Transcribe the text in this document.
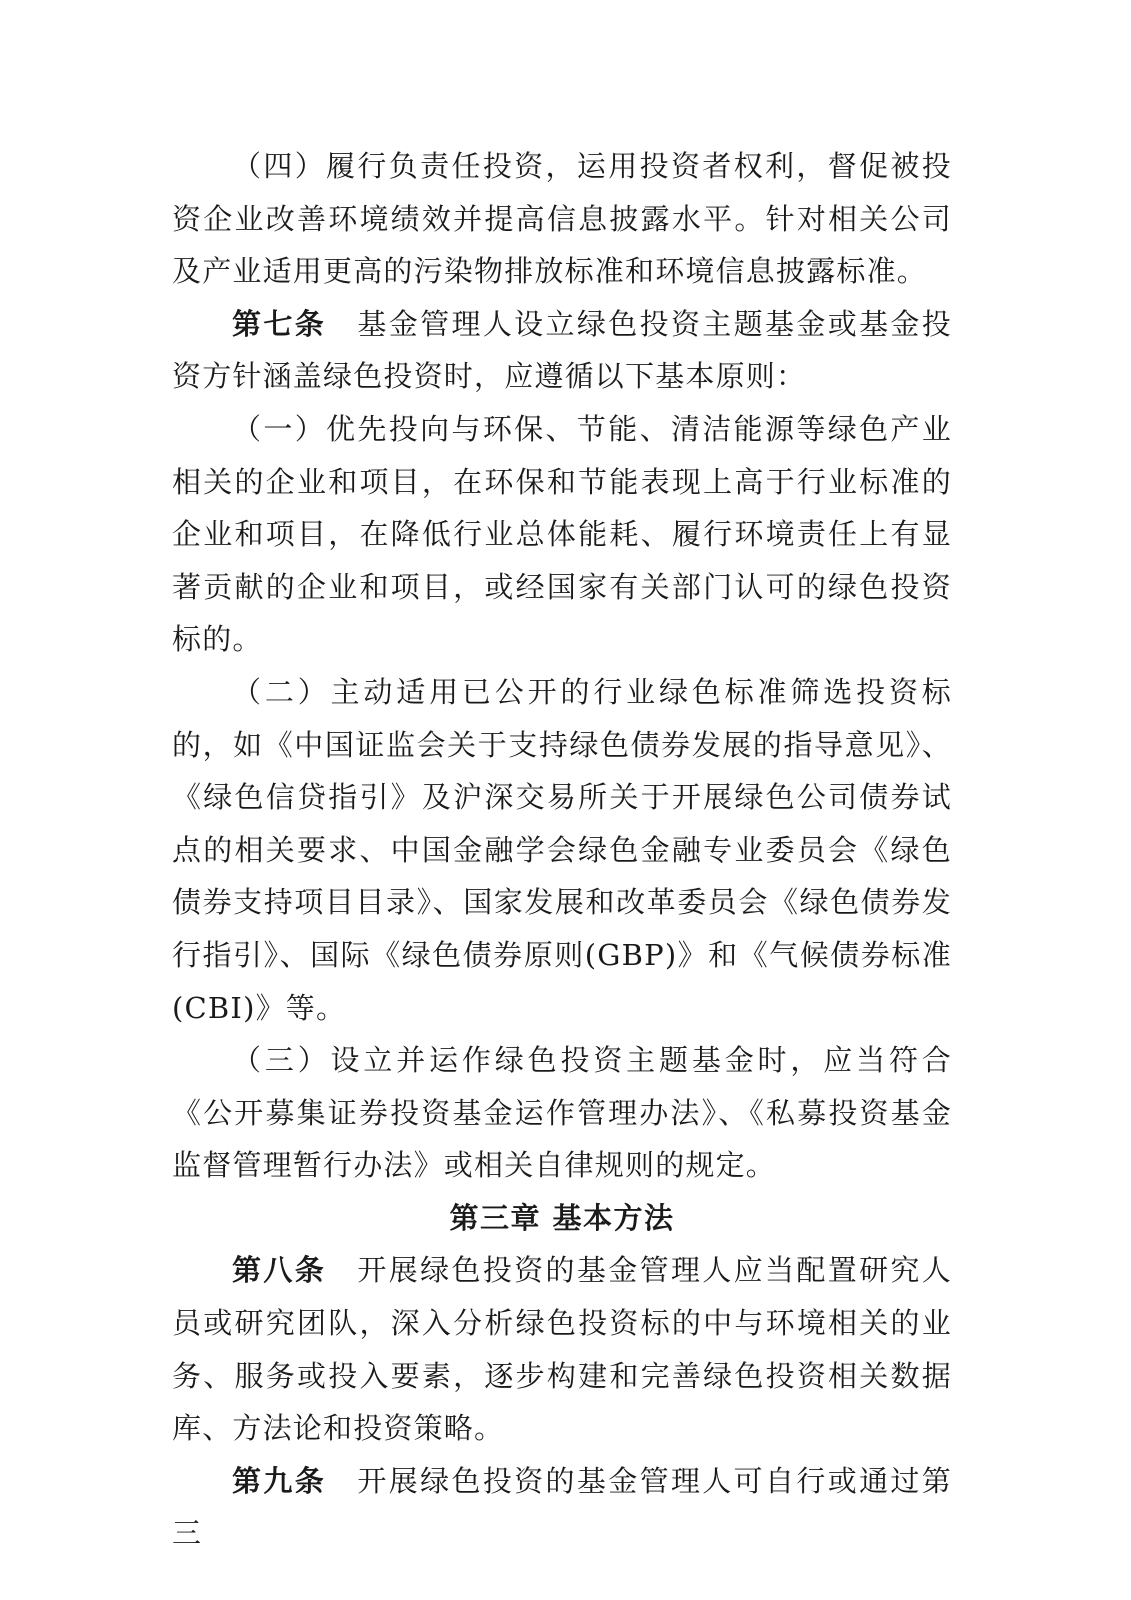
（四）履行负责任投资，运用投资者权利，督促被投资企业改善环境绩效并提高信息披露水平。针对相关公司及产业适用更高的污染物排放标准和环境信息披露标准。

第七条  基金管理人设立绿色投资主题基金或基金投资方针涵盖绿色投资时，应遵循以下基本原则：

（一）优先投向与环保、节能、清洁能源等绿色产业相关的企业和项目，在环保和节能表现上高于行业标准的企业和项目，在降低行业总体能耗、履行环境责任上有显著贡献的企业和项目，或经国家有关部门认可的绿色投资标的。

（二）主动适用已公开的行业绿色标准筛选投资标的，如《中国证监会关于支持绿色债券发展的指导意见》、《绿色信贷指引》及沪深交易所关于开展绿色公司债券试点的相关要求、中国金融学会绿色金融专业委员会《绿色债券支持项目目录》、国家发展和改革委员会《绿色债券发行指引》、国际《绿色债券原则(GBP)》和《气候债券标准(CBI)》等。

（三）设立并运作绿色投资主题基金时，应当符合《公开募集证券投资基金运作管理办法》、《私募投资基金监督管理暂行办法》或相关自律规则的规定。

第三章 基本方法

第八条  开展绿色投资的基金管理人应当配置研究人员或研究团队，深入分析绿色投资标的中与环境相关的业务、服务或投入要素，逐步构建和完善绿色投资相关数据库、方法论和投资策略。

第九条  开展绿色投资的基金管理人可自行或通过第三
